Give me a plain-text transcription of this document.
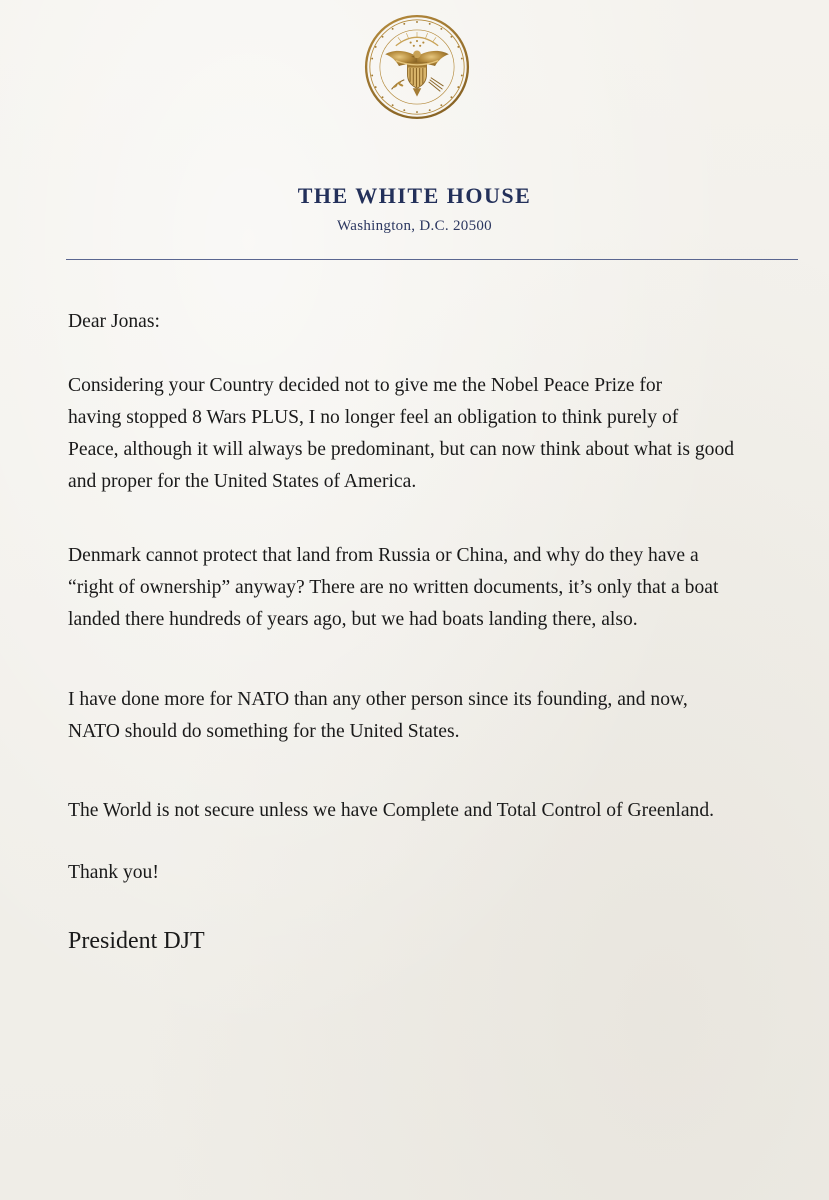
THE WHITE HOUSE
Washington, D.C. 20500

Dear Jonas:

Considering your Country decided not to give me the Nobel Peace Prize for
having stopped 8 Wars PLUS, I no longer feel an obligation to think purely of
Peace, although it will always be predominant, but can now think about what is good
and proper for the United States of America.

Denmark cannot protect that land from Russia or China, and why do they have a
“right of ownership” anyway? There are no written documents, it’s only that a boat
landed there hundreds of years ago, but we had boats landing there, also.

I have done more for NATO than any other person since its founding, and now,
NATO should do something for the United States.

The World is not secure unless we have Complete and Total Control of Greenland.

Thank you!

President DJT
